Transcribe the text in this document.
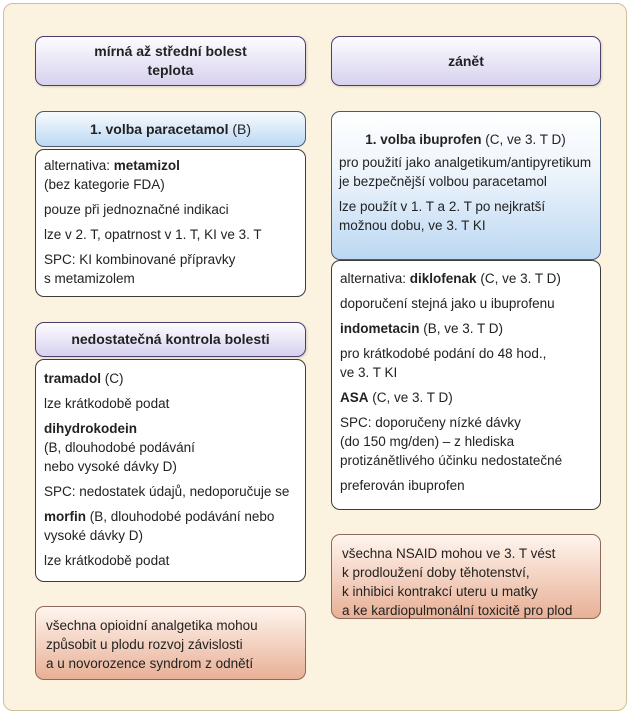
mírná až střední bolest
teplota
1. volba paracetamol (B)
alternativa: metamizol
(bez kategorie FDA)
pouze při jednoznačné indikaci
lze v 2. T, opatrnost v 1. T, KI ve 3. T
SPC: KI kombinované přípravky
s metamizolem
nedostatečná kontrola bolesti
tramadol (C)
lze krátkodobě podat
dihydrokodein
(B, dlouhodobé podávání
nebo vysoké dávky D)
SPC: nedostatek údajů, nedoporučuje se
morfin (B, dlouhodobé podávání nebo
vysoké dávky D)
lze krátkodobě podat
všechna opioidní analgetika mohou
způsobit u plodu rozvoj závislosti
a u novorozence syndrom z odnětí
zánět
1. volba ibuprofen (C, ve 3. T D)
pro použití jako analgetikum/antipyretikum
je bezpečnější volbou paracetamol
lze použít v 1. T a 2. T po nejkratší
možnou dobu, ve 3. T KI
alternativa: diklofenak (C, ve 3. T D)
doporučení stejná jako u ibuprofenu
indometacin (B, ve 3. T D)
pro krátkodobé podání do 48 hod.,
ve 3. T KI
ASA (C, ve 3. T D)
SPC: doporučeny nízké dávky
(do 150 mg/den) – z hlediska
protizánětlivého účinku nedostatečné
preferován ibuprofen
všechna NSAID mohou ve 3. T vést
k prodloužení doby těhotenství,
k inhibici kontrakcí uteru u matky
a ke kardiopulmonální toxicitě pro plod
